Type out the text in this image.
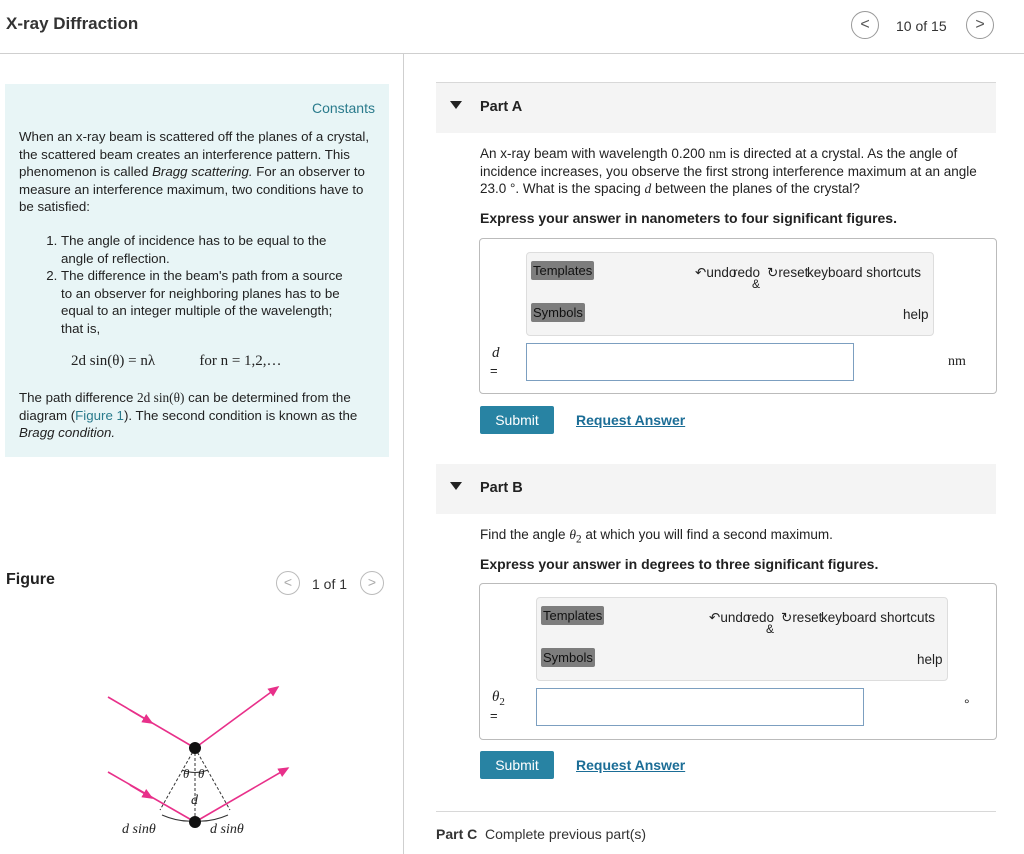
X-ray Diffraction	<	10 of 15	>
Constants

When an x-ray beam is scattered off the planes of a crystal, the scattered beam creates an interference pattern. This phenomenon is called Bragg scattering. For an observer to measure an interference maximum, two conditions have to be satisfied:

1. The angle of incidence has to be equal to the angle of reflection.
2. The difference in the beam's path from a source to an observer for neighboring planes has to be equal to an integer multiple of the wavelength; that is,
2d sin(θ) = nλ	for n = 1,2,…

The path difference 2d sin(θ) can be determined from the diagram (Figure 1). The second condition is known as the Bragg condition.

Figure	<	1 of 1	>
θ θ
d
d sinθ	d sinθ
Part A
An x-ray beam with wavelength 0.200 nm is directed at a crystal. As the angle of incidence increases, you observe the first strong interference maximum at an angle 23.0 °. What is the spacing d between the planes of the crystal?
Express your answer in nanometers to four significant figures.
Templates
Symbols
↶undo
redo
&
↻reset
keyboard shortcuts
help
d
=
nm
Submit	Request Answer
Part B
Find the angle $\theta_2$ at which you will find a second maximum.
Express your answer in degrees to three significant figures.
Templates
Symbols
↶undo
redo
&
↻reset
keyboard shortcuts
help
$\theta_2$
=
°
Submit	Request Answer
Part C Complete previous part(s)
